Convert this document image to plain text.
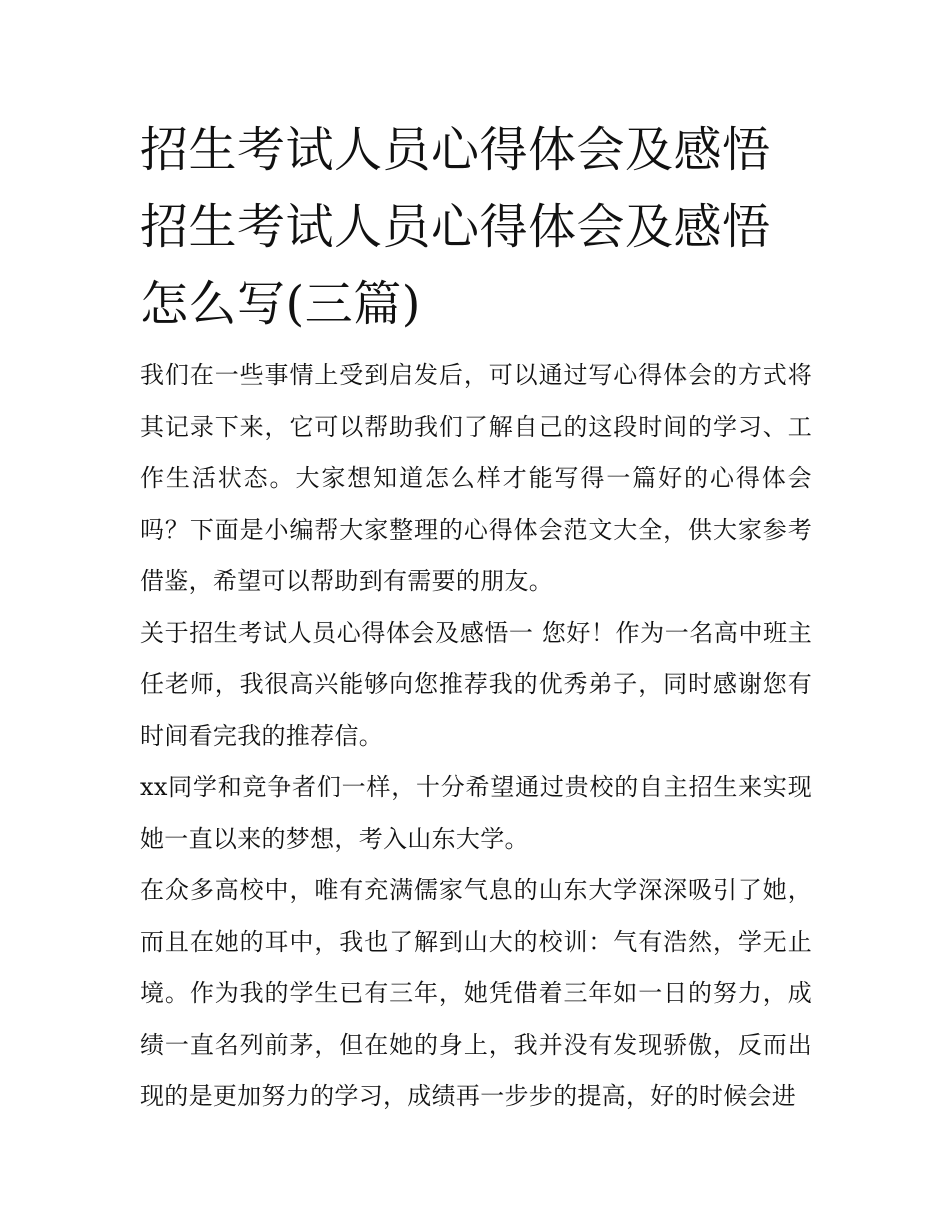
招生考试人员心得体会及感悟
招生考试人员心得体会及感悟
怎么写(三篇)

我们在一些事情上受到启发后，可以通过写心得体会的方式将其记录下来，它可以帮助我们了解自己的这段时间的学习、工作生活状态。大家想知道怎么样才能写得一篇好的心得体会吗？下面是小编帮大家整理的心得体会范文大全，供大家参考借鉴，希望可以帮助到有需要的朋友。

关于招生考试人员心得体会及感悟一 您好！作为一名高中班主任老师，我很高兴能够向您推荐我的优秀弟子，同时感谢您有时间看完我的推荐信。

xx同学和竞争者们一样，十分希望通过贵校的自主招生来实现她一直以来的梦想，考入山东大学。

在众多高校中，唯有充满儒家气息的山东大学深深吸引了她，而且在她的耳中，我也了解到山大的校训：气有浩然，学无止境。作为我的学生已有三年，她凭借着三年如一日的努力，成绩一直名列前茅，但在她的身上，我并没有发现骄傲，反而出现的是更加努力的学习，成绩再一步步的提高，好的时候会进
